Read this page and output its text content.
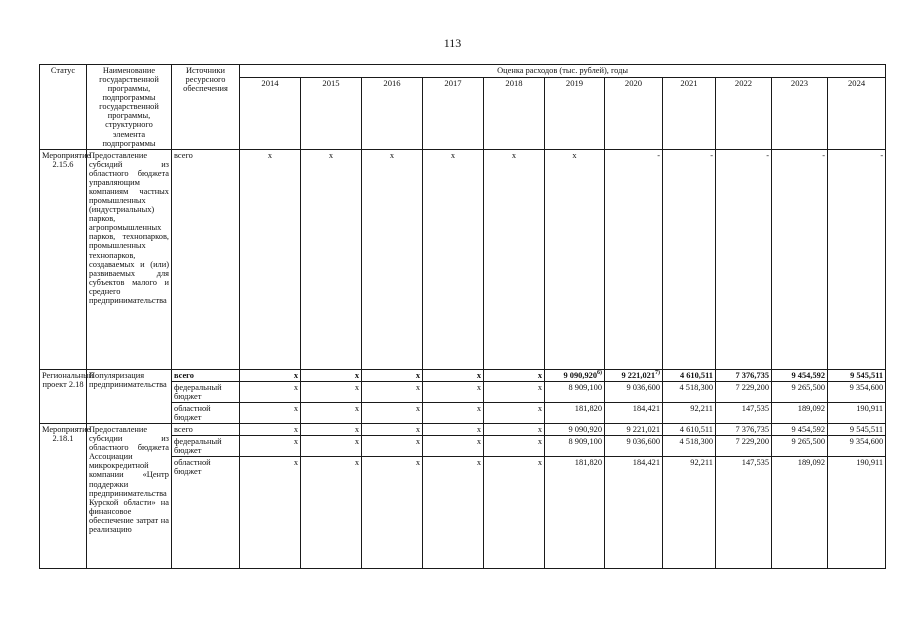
113
Статус	Наименование государственной программы, подпрограммы государственной программы, структурного элемента подпрограммы	Источники ресурсного обеспечения	Оценка расходов (тыс. рублей), годы										
			2014	2015	2016	2017	2018	2019	2020	2021	2022	2023	2024
Мероприятие 2.15.6	Предоставление субсидий из областного бюджета управляющим компаниям частных промышленных (индустриальных) парков, агропромышленных парков, технопарков, промышленных технопарков, создаваемых и (или) развиваемых для субъектов малого и среднего предпринимательства	всего	x	x	x	x	x	x	-	-	-	-	-
Региональный проект 2.18	Популяризация предпринимательства	всего	x	x	x	x	x	9 090,920$^{6)}$	9 221,021$^{7)}$	4 610,511	7 376,735	9 454,592	9 545,511
		федеральный бюджет	x	x	x	x	x	8 909,100	9 036,600	4 518,300	7 229,200	9 265,500	9 354,600
		областной бюджет	x	x	x	x	x	181,820	184,421	92,211	147,535	189,092	190,911
Мероприятие 2.18.1	Предоставление субсидии из областного бюджета Ассоциации микрокредитной компании «Центр поддержки предпринимательства Курской области» на финансовое обеспечение затрат на реализацию	всего	x	x	x	x	x	9 090,920	9 221,021	4 610,511	7 376,735	9 454,592	9 545,511
		федеральный бюджет	x	x	x	x	x	8 909,100	9 036,600	4 518,300	7 229,200	9 265,500	9 354,600
		областной бюджет	x	x	x	x	x	181,820	184,421	92,211	147,535	189,092	190,911
